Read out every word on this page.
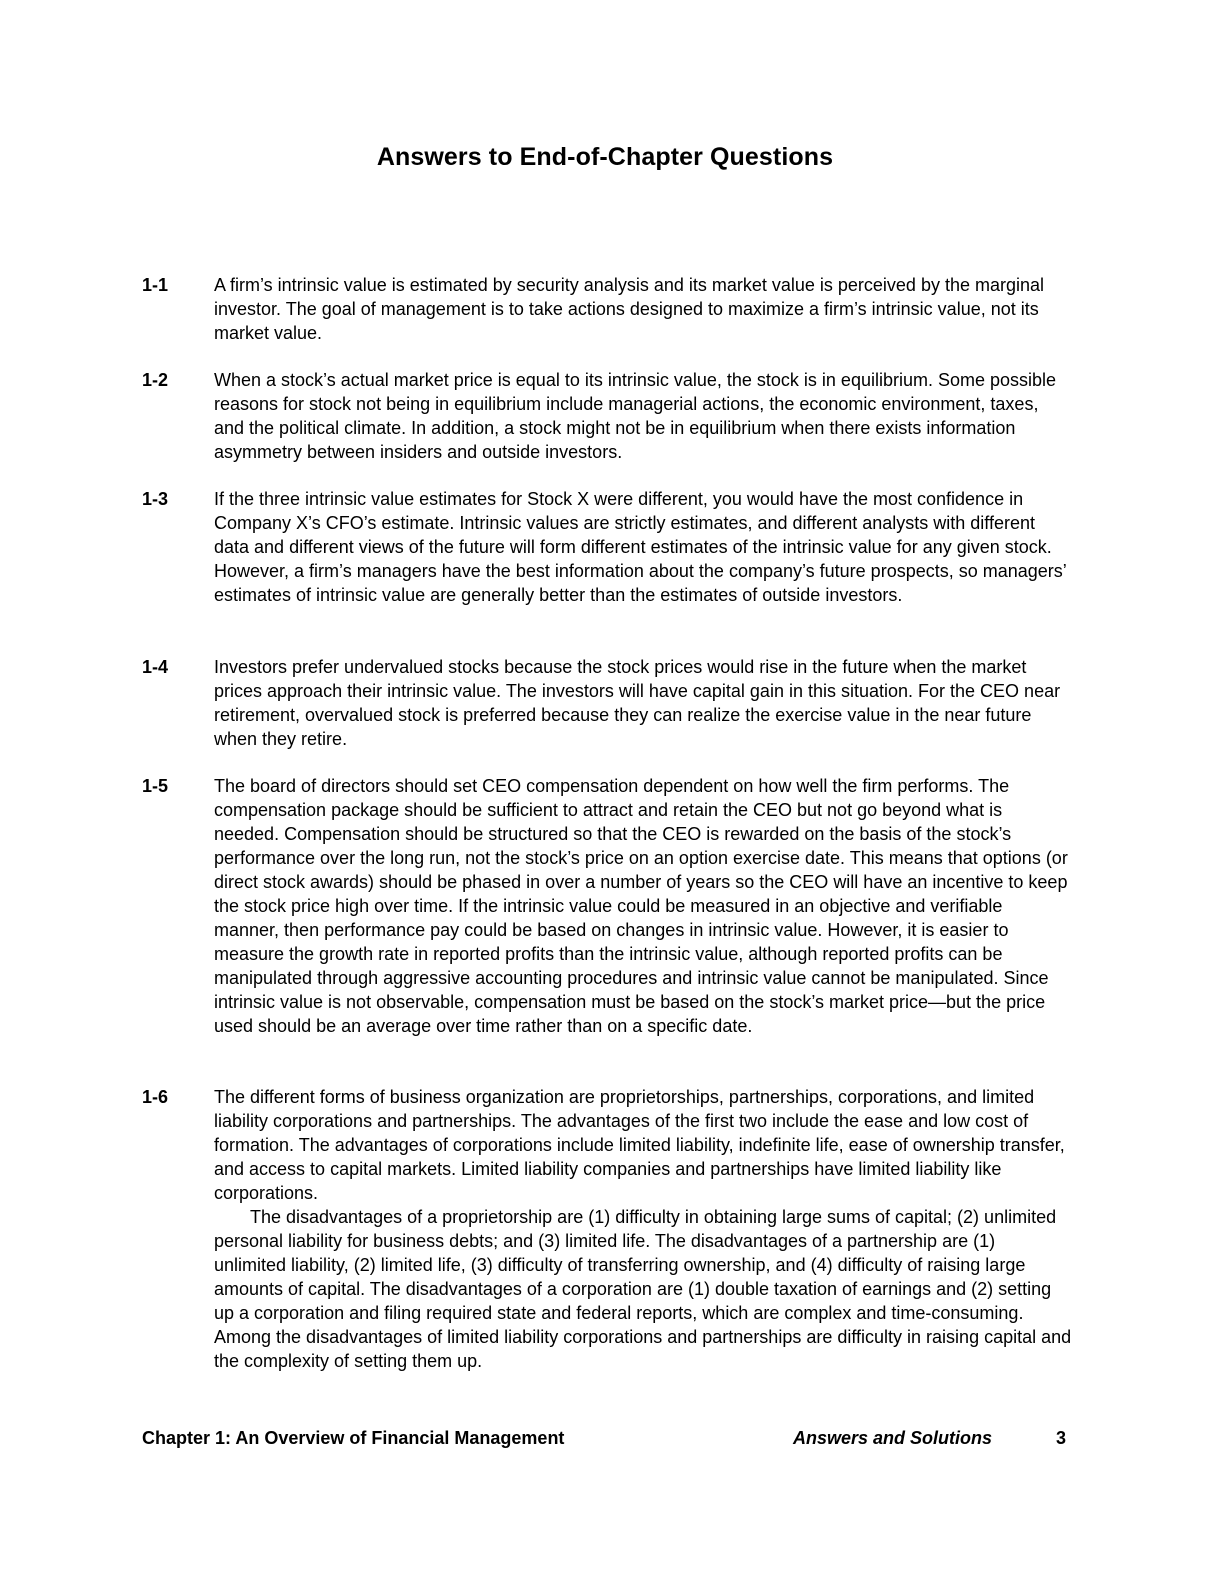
Answers to End-of-Chapter Questions
1-1	A firm’s intrinsic value is estimated by security analysis and its market value is perceived by the marginal investor. The goal of management is to take actions designed to maximize a firm’s intrinsic value, not its market value.

1-2	When a stock’s actual market price is equal to its intrinsic value, the stock is in equilibrium. Some possible reasons for stock not being in equilibrium include managerial actions, the economic environment, taxes, and the political climate. In addition, a stock might not be in equilibrium when there exists information asymmetry between insiders and outside investors.

1-3	If the three intrinsic value estimates for Stock X were different, you would have the most confidence in Company X’s CFO’s estimate. Intrinsic values are strictly estimates, and different analysts with different data and different views of the future will form different estimates of the intrinsic value for any given stock. However, a firm’s managers have the best information about the company’s future prospects, so managers’ estimates of intrinsic value are generally better than the estimates of outside investors.

1-4	Investors prefer undervalued stocks because the stock prices would rise in the future when the market prices approach their intrinsic value. The investors will have capital gain in this situation. For the CEO near retirement, overvalued stock is preferred because they can realize the exercise value in the near future when they retire.

1-5	The board of directors should set CEO compensation dependent on how well the firm performs. The compensation package should be sufficient to attract and retain the CEO but not go beyond what is needed. Compensation should be structured so that the CEO is rewarded on the basis of the stock’s performance over the long run, not the stock’s price on an option exercise date. This means that options (or direct stock awards) should be phased in over a number of years so the CEO will have an incentive to keep the stock price high over time. If the intrinsic value could be measured in an objective and verifiable manner, then performance pay could be based on changes in intrinsic value. However, it is easier to measure the growth rate in reported profits than the intrinsic value, although reported profits can be manipulated through aggressive accounting procedures and intrinsic value cannot be manipulated. Since intrinsic value is not observable, compensation must be based on the stock’s market price—but the price used should be an average over time rather than on a specific date.

1-6	The different forms of business organization are proprietorships, partnerships, corporations, and limited liability corporations and partnerships. The advantages of the first two include the ease and low cost of formation. The advantages of corporations include limited liability, indefinite life, ease of ownership transfer, and access to capital markets. Limited liability companies and partnerships have limited liability like corporations.

The disadvantages of a proprietorship are (1) difficulty in obtaining large sums of capital; (2) unlimited personal liability for business debts; and (3) limited life. The disadvantages of a partnership are (1) unlimited liability, (2) limited life, (3) difficulty of transferring ownership, and (4) difficulty of raising large amounts of capital. The disadvantages of a corporation are (1) double taxation of earnings and (2) setting up a corporation and filing required state and federal reports, which are complex and time-consuming. Among the disadvantages of limited liability corporations and partnerships are difficulty in raising capital and the complexity of setting them up.

Chapter 1: An Overview of Financial Management	Answers and Solutions	3
